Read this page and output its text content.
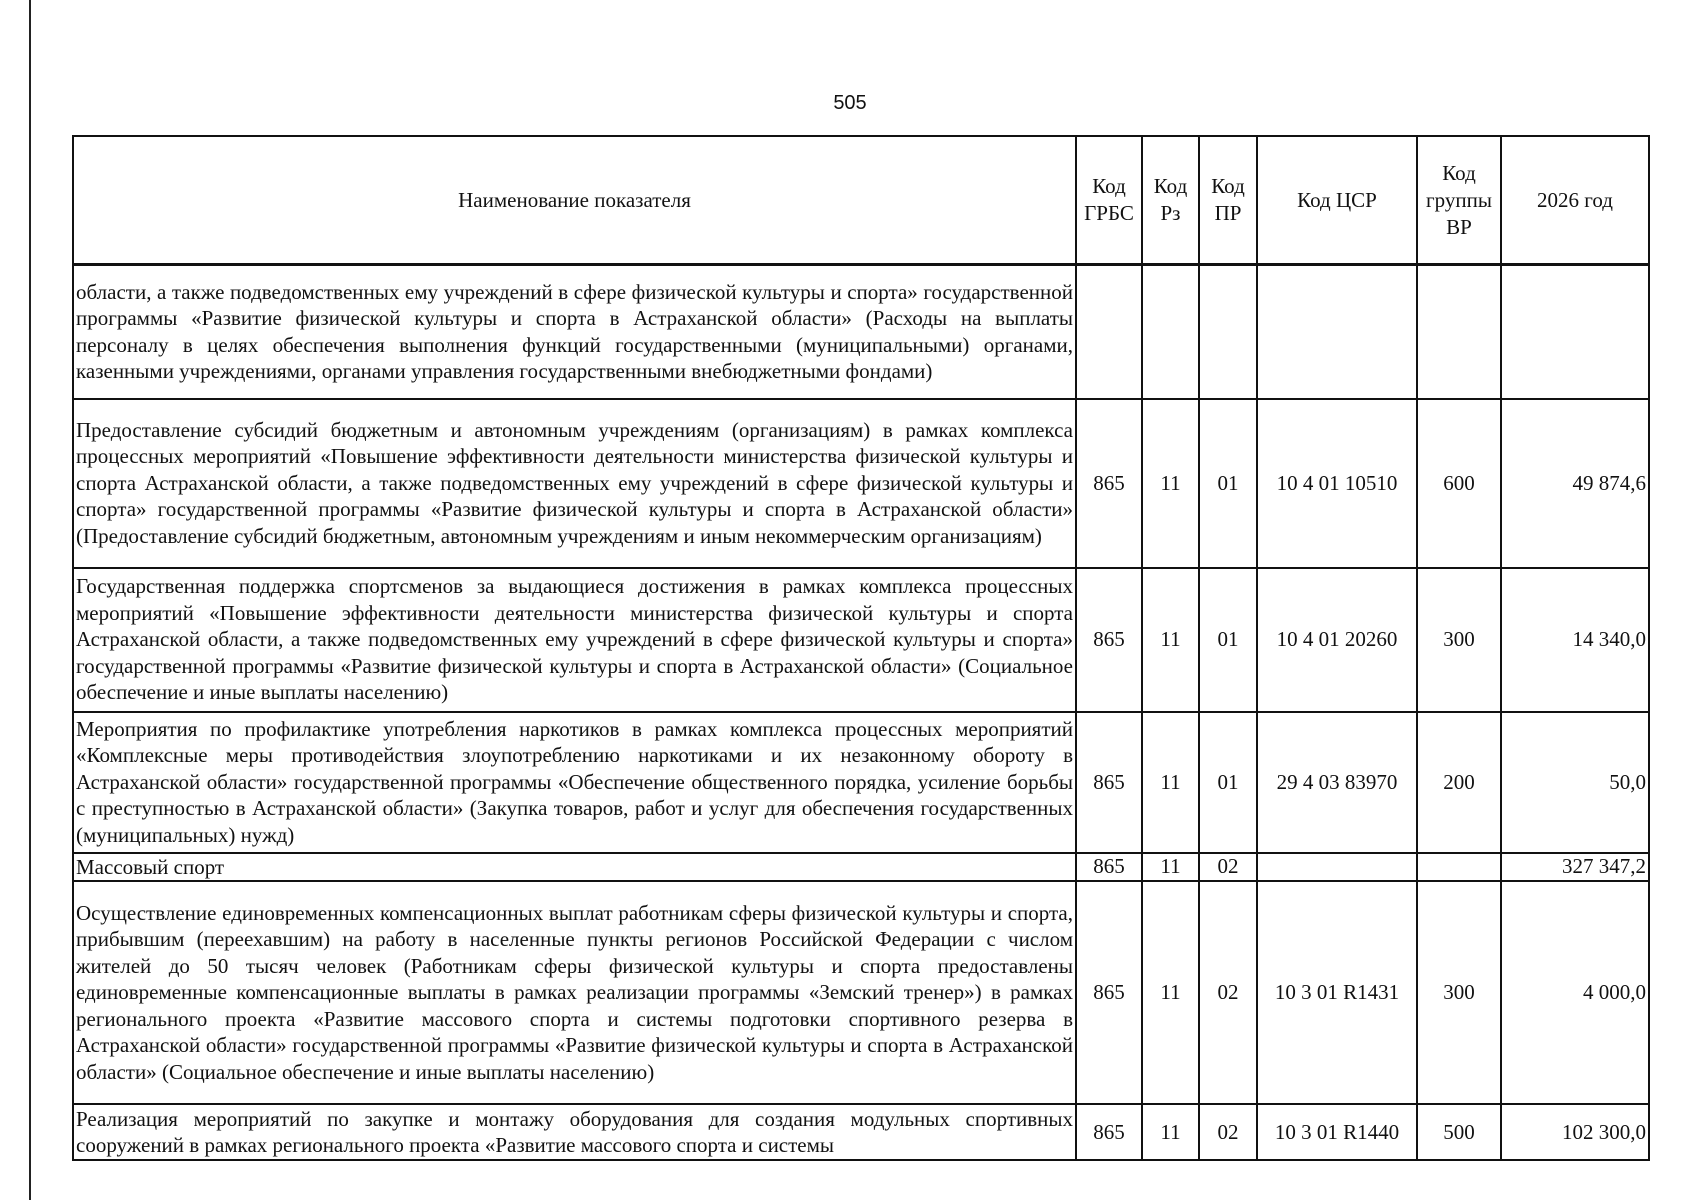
505
Наименование показателя	Код ГРБС	Код Рз	Код ПР	Код ЦСР	Код группы ВР	2026 год
области, а также подведомственных ему учреждений в сфере физической культуры и спорта» государственной программы «Развитие физической культуры и спорта в Астраханской области» (Расходы на выплаты персоналу в целях обеспечения выполнения функций государственными (муниципальными) органами, казенными учреждениями, органами управления государственными внебюджетными фондами)						
Предоставление субсидий бюджетным и автономным учреждениям (организациям) в рамках комплекса процессных мероприятий «Повышение эффективности деятельности министерства физической культуры и спорта Астраханской области, а также подведомственных ему учреждений в сфере физической культуры и спорта» государственной программы «Развитие физической культуры и спорта в Астраханской области» (Предоставление субсидий бюджетным, автономным учреждениям и иным некоммерческим организациям)	865	11	01	10 4 01 10510	600	49 874,6
Государственная поддержка спортсменов за выдающиеся достижения в рамках комплекса процессных мероприятий «Повышение эффективности деятельности министерства физической культуры и спорта Астраханской области, а также подведомственных ему учреждений в сфере физической культуры и спорта» государственной программы «Развитие физической культуры и спорта в Астраханской области» (Социальное обеспечение и иные выплаты населению)	865	11	01	10 4 01 20260	300	14 340,0
Мероприятия по профилактике употребления наркотиков в рамках комплекса процессных мероприятий «Комплексные меры противодействия злоупотреблению наркотиками и их незаконному обороту в Астраханской области» государственной программы «Обеспечение общественного порядка, усиление борьбы с преступностью в Астраханской области» (Закупка товаров, работ и услуг для обеспечения государственных (муниципальных) нужд)	865	11	01	29 4 03 83970	200	50,0
Массовый спорт	865	11	02			327 347,2
Осуществление единовременных компенсационных выплат работникам сферы физической культуры и спорта, прибывшим (переехавшим) на работу в населенные пункты регионов Российской Федерации с числом жителей до 50 тысяч человек (Работникам сферы физической культуры и спорта предоставлены единовременные компенсационные выплаты в рамках реализации программы «Земский тренер») в рамках регионального проекта «Развитие массового спорта и системы подготовки спортивного резерва в Астраханской области» государственной программы «Развитие физической культуры и спорта в Астраханской области» (Социальное обеспечение и иные выплаты населению)	865	11	02	10 3 01 R1431	300	4 000,0
Реализация мероприятий по закупке и монтажу оборудования для создания модульных спортивных сооружений в рамках регионального проекта «Развитие массового спорта и системы	865	11	02	10 3 01 R1440	500	102 300,0
